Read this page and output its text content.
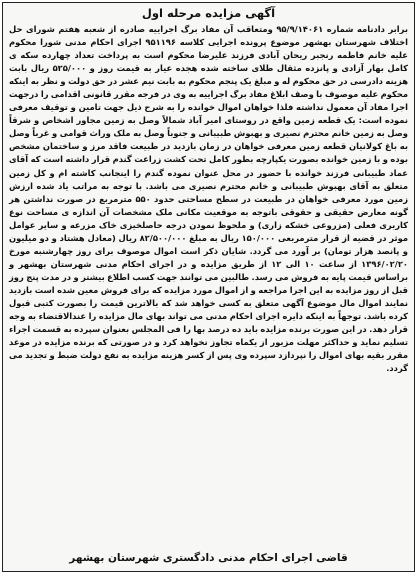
آگهی مزایده مرحله اول
برابر دادنامه شماره ۹۵/۹/۱۴۰۶۱ ومتعاقب آن مفاد برگ اجراییه صادره از شعبه هفتم شورای حل اختلاف شهرستان بهشهر موضوع پرونده اجرایی کلاسه ۹۵۱۱۹۶ اجرای احکام مدنی شورا محکوم علیه خانم فاطمه رنجبر ریحان آبادی فرزند علیرضا محکوم است به پرداخت تعداد چهارده سکه ی کامل بهار آزادی و پانزده مثقال طلای ساخته شده هجده عیار به قیمت روز و ۵۲۵/۰۰۰ ریال بابت هزینه دادرسی در حق محکوم له و مبلغ یک پنجم محکوم به بابت نیم عشر در حق دولت و نظر به اینکه محکوم علیه موصوف با وصف ابلاغ مفاد برگ اجراییه به وی در فرجه مقرر قانونی اقدامی را درجهت اجرا مفاد آن معمول نداشته فلذا خواهان اموال خوانده را به شرح ذیل جهت تامین و توقیف معرفی نموده است: یک قطعه زمین واقع در روستای امیر آباد شمالاً وصل به زمین مجاور اشخاص و شرقاً وصل به زمین خانم محترم نصیری و بهبوش طبیبانی و جنوباً وصل به ملک وراث قوامی و غرباً وصل به باغ کولانیان قطعه زمین معرفی خواهان در زمان بازدید در طبیعت فاقد مرز و ساختمان مشخص بوده و با زمین خوانده بصورت یکپارچه بطور کامل تحت کشت زراعت گندم قرار داشته است که آقای عماد طبیبانی فرزند خوانده با حضور در محل عنوان نموده گندم را اینجانب کاشته ام و کل زمین متعلق به آقای بهبوش طبیبانی و خانم محترم نصیری می باشد. با توجه به مراتب یاد شده ارزش زمین مورد معرفی خواهان در طبیعت در سطح مساحتی حدود ۵۵۰ مترمربع در صورت نداشتن هر گونه معارض حقیقی و حقوقی باتوجه به موقعیت مکانی ملک مشخصات آن اندازه ی مساحت نوع کاربری فعلی (مزروعی خشکه زاری) و ملحوظ نمودن درجه حاصلخیزی خاک مزرعه و سایر عوامل موثر در قضیه از قرار مترمربعی ۱۵۰/۰۰۰ ریال به مبلغ ۸۲/۵۰۰/۰۰۰ ریال (معادل هشتاد و دو میلیون و پانصد هزار تومان) بر آورد می گردد. شایان ذکر است اموال موصوف برای روز چهارشنبه مورخ ۱۳۹۶/۰۲/۲۰ از ساعت ۱۰ الی ۱۲ از طریق مزایده و در اجرای احکام مدنی شهرستان بهشهر و براساس قیمت پایه به فروش می رسد. طالبین می توانند جهت کسب اطلاع بیشتر و در مدت پنج روز قبل از روز مزایده به این اجرا مراجعه و از اموال مورد مزایده که برای فروش معین شده است بازدید نمایند اموال مال موضوع آگهی متعلق به کسی خواهد شد که بالاترین قیمت را بصورت کتبی قبول کرده باشد. توجهاً به اینکه دایره اجرای احکام مدنی می تواند بهای مال مزایده را عندالاقتضاء به وجه قرار دهد. در این صورت برنده مزایده باید ده درصد بها را فی المجلس بعنوان سپرده به قسمت اجراء تسلیم نماید و حداکثر مهلت مزبور از یکماه تجاوز نخواهد کرد و در صورتی که برنده مزایده در موعد مقرر بقیه بهای اموال را نپردازد سپرده وی پس از کسر هزینه مزایده به نفع دولت ضبط و تجدید می گردد.
قاضی اجرای احکام مدنی دادگستری شهرستان بهشهر
